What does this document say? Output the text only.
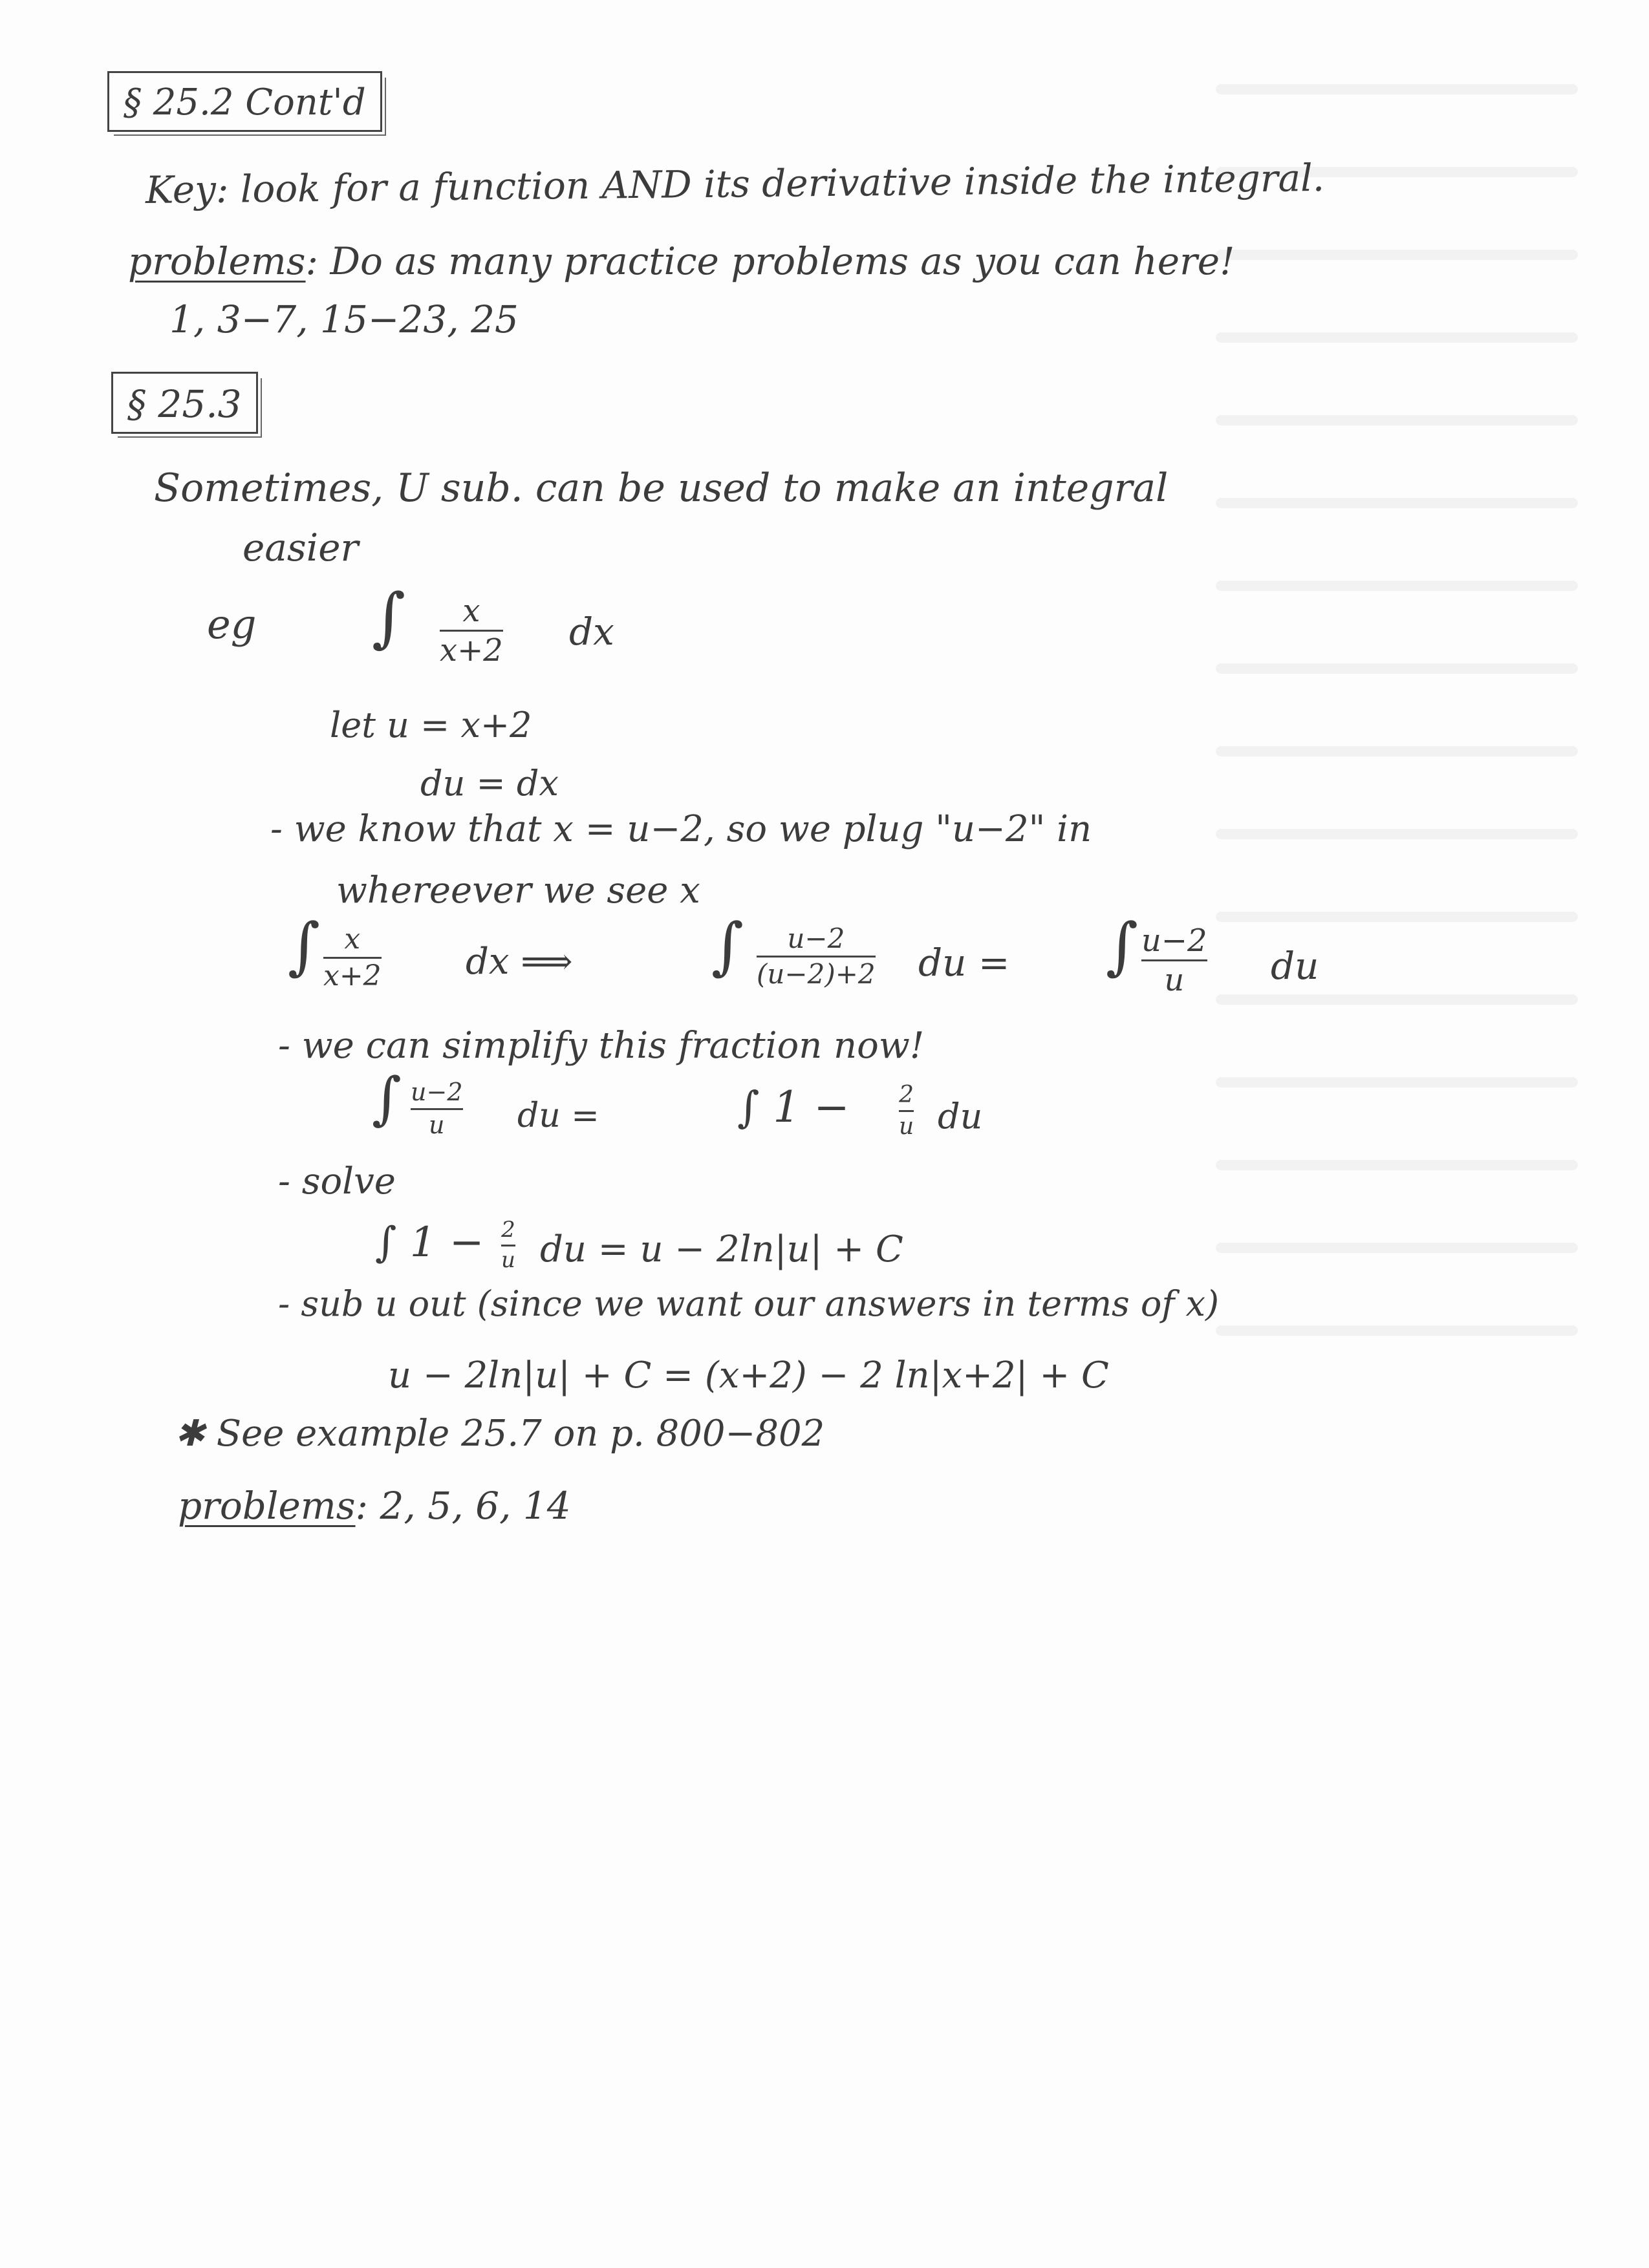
§ 25.2 Cont'd
Key: look for a function AND its derivative inside the integral.
problems: Do as many practice problems as you can here!
1, 3−7, 15−23, 25
§ 25.3
Sometimes, U sub. can be used to make an integral
easier
eg ∫	x
x+2 dx
let u = x+2
du = dx
- we know that x = u−2, so we plug "u−2" in
whereever we see x
∫ x
x+2 dx ⟹ ∫	u−2
(u−2)+2 du = ∫ u−2
u	du
- we can simplify this fraction now!
∫ u−2
u	du =	∫ 1 − 2
u du
- solve
∫ 1 − 2
u du = u − 2ln|u| + C
- sub u out (since we want our answers in terms of x)
u − 2ln|u| + C = (x+2) − 2 ln|x+2| + C
✱ See example 25.7 on p. 800−802
problems: 2, 5, 6, 14
